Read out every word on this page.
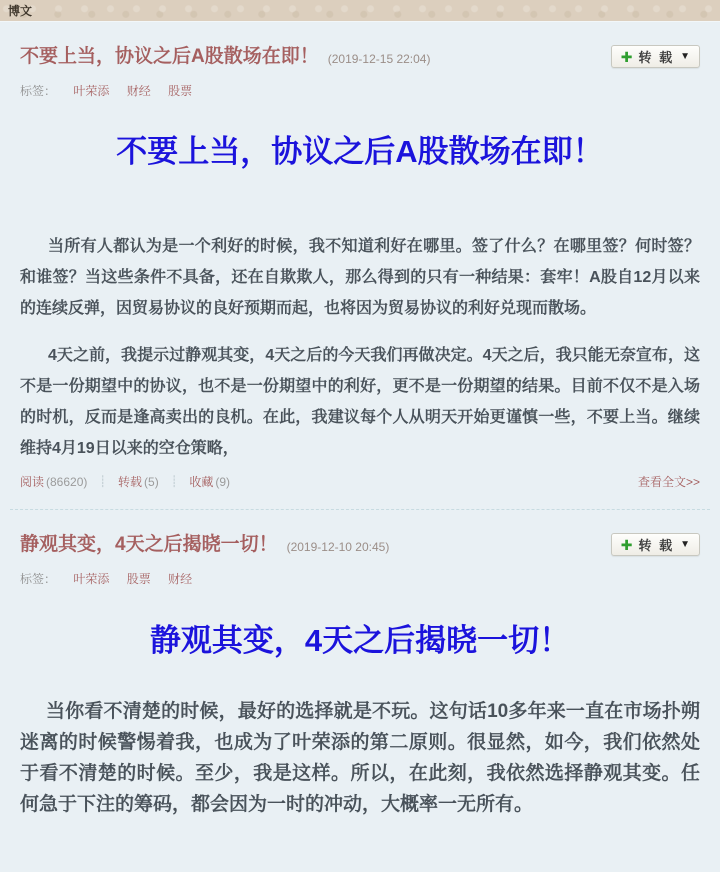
博文
不要上当，协议之后A股散场在即！ (2019-12-15 22:04)	✚ 转 载 ▼
标签： 叶荣添 财经 股票
不要上当，协议之后A股散场在即！

当所有人都认为是一个利好的时候，我不知道利好在哪里。签了什么？在哪里签？何时签？和谁签？当这些条件不具备，还在自欺欺人，那么得到的只有一种结果：套牢！A股自12月以来的连续反弹，因贸易协议的良好预期而起，也将因为贸易协议的利好兑现而散场。

4天之前，我提示过静观其变，4天之后的今天我们再做决定。4天之后，我只能无奈宣布，这不是一份期望中的协议，也不是一份期望中的利好，更不是一份期望的结果。目前不仅不是入场的时机，反而是逢高卖出的良机。在此，我建议每个人从明天开始更谨慎一些，不要上当。继续维持4月19日以来的空仓策略，

阅读 (86620) ┊ 转载 (5) ┊ 收藏 (9)	查看全文>>
静观其变，4天之后揭晓一切！ (2019-12-10 20:45)	✚ 转 载 ▼
标签： 叶荣添 股票 财经
静观其变，4天之后揭晓一切！

当你看不清楚的时候，最好的选择就是不玩。这句话10多年来一直在市场扑朔迷离的时候警惕着我，也成为了叶荣添的第二原则。很显然，如今，我们依然处于看不清楚的时候。至少，我是这样。所以，在此刻，我依然选择静观其变。任何急于下注的筹码，都会因为一时的冲动，大概率一无所有。
